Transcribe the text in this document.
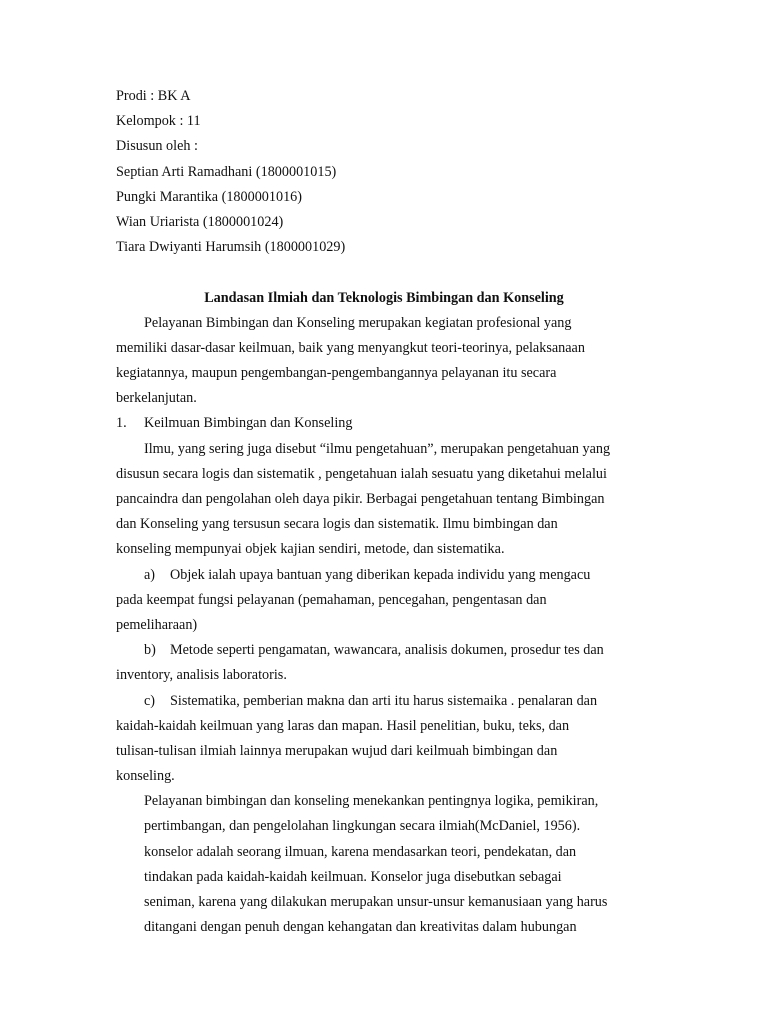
Prodi : BK A
Kelompok : 11
Disusun oleh :
Septian Arti Ramadhani (1800001015)
Pungki Marantika (1800001016)
Wian Uriarista (1800001024)
Tiara Dwiyanti Harumsih (1800001029)
Landasan Ilmiah dan Teknologis Bimbingan dan Konseling
Pelayanan Bimbingan dan Konseling merupakan kegiatan profesional yang
memiliki dasar-dasar keilmuan, baik yang menyangkut teori-teorinya, pelaksanaan
kegiatannya, maupun pengembangan-pengembangannya pelayanan itu secara
berkelanjutan.
1. Keilmuan Bimbingan dan Konseling
Ilmu, yang sering juga disebut “ilmu pengetahuan”, merupakan pengetahuan yang
disusun secara logis dan sistematik , pengetahuan ialah sesuatu yang diketahui melalui
pancaindra dan pengolahan oleh daya pikir. Berbagai pengetahuan tentang Bimbingan
dan Konseling yang tersusun secara logis dan sistematik. Ilmu bimbingan dan
konseling mempunyai objek kajian sendiri, metode, dan sistematika.
a) Objek ialah upaya bantuan yang diberikan kepada individu yang mengacu
pada keempat fungsi pelayanan (pemahaman, pencegahan, pengentasan dan
pemeliharaan)
b) Metode seperti pengamatan, wawancara, analisis dokumen, prosedur tes dan
inventory, analisis laboratoris.
c) Sistematika, pemberian makna dan arti itu harus sistemaika . penalaran dan
kaidah-kaidah keilmuan yang laras dan mapan. Hasil penelitian, buku, teks, dan
tulisan-tulisan ilmiah lainnya merupakan wujud dari keilmuah bimbingan dan
konseling.
Pelayanan bimbingan dan konseling menekankan pentingnya logika, pemikiran,
pertimbangan, dan pengelolahan lingkungan secara ilmiah(McDaniel, 1956).
konselor adalah seorang ilmuan, karena mendasarkan teori, pendekatan, dan
tindakan pada kaidah-kaidah keilmuan. Konselor juga disebutkan sebagai
seniman, karena yang dilakukan merupakan unsur-unsur kemanusiaan yang harus
ditangani dengan penuh dengan kehangatan dan kreativitas dalam hubungan
